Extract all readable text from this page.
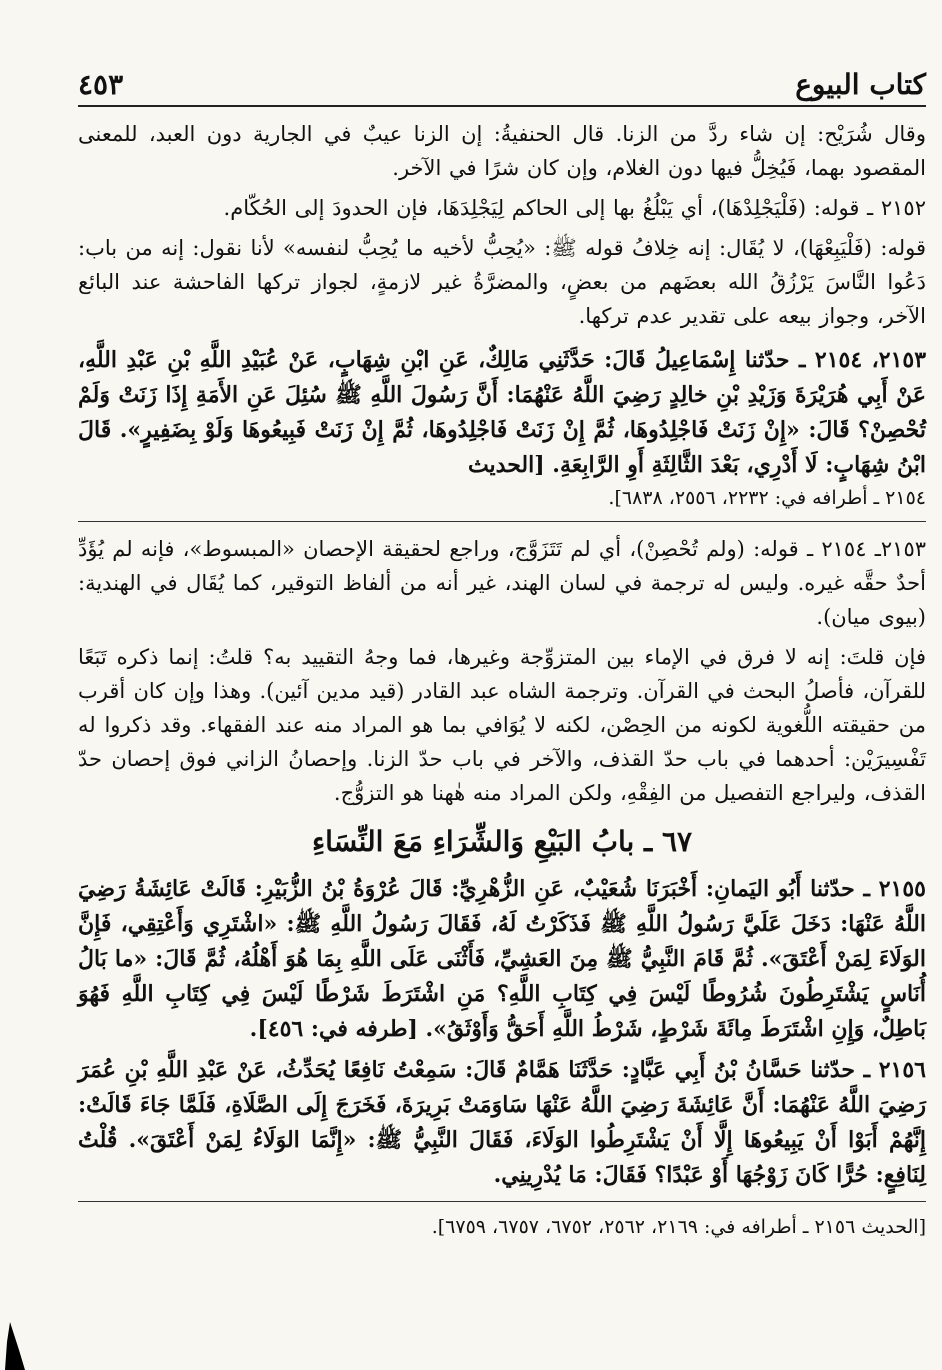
كتاب البيوع
٤٥٣

وقال شُرَيْح: إن شاء ردَّ من الزنا. قال الحنفيةُ: إن الزنا عيبٌ في الجارية دون العبد، للمعنى المقصود بهما، فَيُخِلُّ فيها دون الغلام، وإن كان شرًا في الآخر.

٢١٥٢ ـ قوله: (فَلْيَجْلِدْهَا)، أي يَبْلُغُ بها إلى الحاكم لِيَجْلِدَهَا، فإن الحدودَ إلى الحُكّام.

قوله: (فَلْيَبِعْهَا)، لا يُقَال: إنه خِلافُ قوله ﷺ: «يُحِبُّ لأخيه ما يُحِبُّ لنفسه» لأنا نقول: إنه من باب: دَعُوا النَّاسَ يَرْزُقُ الله بعضَهم من بعضٍ، والمضرَّةُ غير لازمةٍ، لجواز تركها الفاحشة عند البائع الآخر، وجواز بيعه على تقدير عدم تركها.

٢١٥٣، ٢١٥٤ ـ حدّثنا إِسْمَاعِيلُ قَالَ: حَدَّثَنِي مَالِكٌ، عَنِ ابْنِ شِهَابٍ، عَنْ عُبَيْدِ اللَّهِ بْنِ عَبْدِ اللَّهِ، عَنْ أَبِي هُرَيْرَةَ وَزَيْدِ بْنِ خالِدٍ رَضِيَ اللَّهُ عَنْهُمَا: أَنَّ رَسُولَ اللَّهِ ﷺ سُئِلَ عَنِ الأَمَةِ إِذَا زَنَتْ وَلَمْ تُحْصِنْ؟ قَالَ: «إِنْ زَنَتْ فَاجْلِدُوهَا، ثُمَّ إِنْ زَنَتْ فَاجْلِدُوهَا، ثُمَّ إِنْ زَنَتْ فَبِيعُوهَا وَلَوْ بِضَفِيرٍ». قَالَ ابْنُ شِهَابٍ: لَا أَدْرِي، بَعْدَ الثَّالِثَةِ أَوِ الرَّابِعَةِ. [الحديث

٢١٥٤ ـ أطرافه في: ٢٢٣٢، ٢٥٥٦، ٦٨٣٨].

٢١٥٣ـ ٢١٥٤ ـ قوله: (ولم تُحْصِنْ)، أي لم تَتَزَوَّج، وراجع لحقيقة الإحصان «المبسوط»، فإنه لم يُؤَدِّ أحدٌ حقَّه غيره. وليس له ترجمة في لسان الهند، غير أنه من ألفاظ التوقير، كما يُقَال في الهندية: (بيوى ميان).

فإن قلتَ: إنه لا فرق في الإماء بين المتزوِّجة وغيرها، فما وجهُ التقييد به؟ قلتُ: إنما ذكره تَبَعًا للقرآن، فأصلُ البحث في القرآن. وترجمة الشاه عبد القادر (قيد مدين آئين). وهذا وإن كان أقرب من حقيقته اللُّغوية لكونه من الحِصْن، لكنه لا يُوَافي بما هو المراد منه عند الفقهاء. وقد ذكروا له تَفْسِيرَيْن: أحدهما في باب حدّ القذف، والآخر في باب حدّ الزنا. وإحصانُ الزاني فوق إحصان حدّ القذف، وليراجع التفصيل من الفِقْهِ، ولكن المراد منه هٰهنا هو التزوُّج.

٦٧ ـ بابُ البَيْعِ وَالشِّرَاءِ مَعَ النِّسَاءِ

٢١٥٥ ـ حدّثنا أَبُو اليَمانِ: أَخْبَرَنَا شُعَيْبٌ، عَنِ الزُّهْرِيِّ: قَالَ عُرْوَةُ بْنُ الزُّبَيْرِ: قَالَتْ عَائِشَةُ رَضِيَ اللَّهُ عَنْهَا: دَخَلَ عَلَيَّ رَسُولُ اللَّهِ ﷺ فَذَكَرْتُ لَهُ، فَقَالَ رَسُولُ اللَّهِ ﷺ: «اشْتَرِي وَأَعْتِقِي، فَإِنَّ الوَلَاءَ لِمَنْ أَعْتَقَ». ثُمَّ قَامَ النَّبِيُّ ﷺ مِنَ العَشِيِّ، فَأَثْنَى عَلَى اللَّهِ بِمَا هُوَ أَهْلُهُ، ثُمَّ قَالَ: «ما بَالُ أُنَاسٍ يَشْتَرِطُونَ شُرُوطًا لَيْسَ فِي كِتَابِ اللَّهِ؟ مَنِ اشْتَرَطَ شَرْطًا لَيْسَ فِي كِتَابِ اللَّهِ فَهُوَ بَاطِلٌ، وَإِنِ اشْتَرَطَ مِائَةَ شَرْطٍ، شَرْطُ اللَّهِ أَحَقُّ وَأَوْثَقُ». [طرفه في: ٤٥٦].

٢١٥٦ ـ حدّثنا حَسَّانُ بْنُ أَبِي عَبَّادٍ: حَدَّثَنَا هَمَّامٌ قَالَ: سَمِعْتُ نَافِعًا يُحَدِّثُ، عَنْ عَبْدِ اللَّهِ بْنِ عُمَرَ رَضِيَ اللَّهُ عَنْهُمَا: أَنَّ عَائِشَةَ رَضِيَ اللَّهُ عَنْهَا سَاوَمَتْ بَرِيرَةَ، فَخَرَجَ إِلَى الصَّلَاةِ، فَلَمَّا جَاءَ قَالَتْ: إِنَّهُمْ أَبَوْا أَنْ يَبِيعُوهَا إِلَّا أَنْ يَشْتَرِطُوا الوَلَاءَ، فَقَالَ النَّبِيُّ ﷺ: «إِنَّمَا الوَلَاءُ لِمَنْ أَعْتَقَ». قُلْتُ لِنَافِعٍ: حُرًّا كَانَ زَوْجُهَا أَوْ عَبْدًا؟ فَقَالَ: مَا يُدْرِينِي.

[الحديث ٢١٥٦ ـ أطرافه في: ٢١٦٩، ٢٥٦٢، ٦٧٥٢، ٦٧٥٧، ٦٧٥٩].
